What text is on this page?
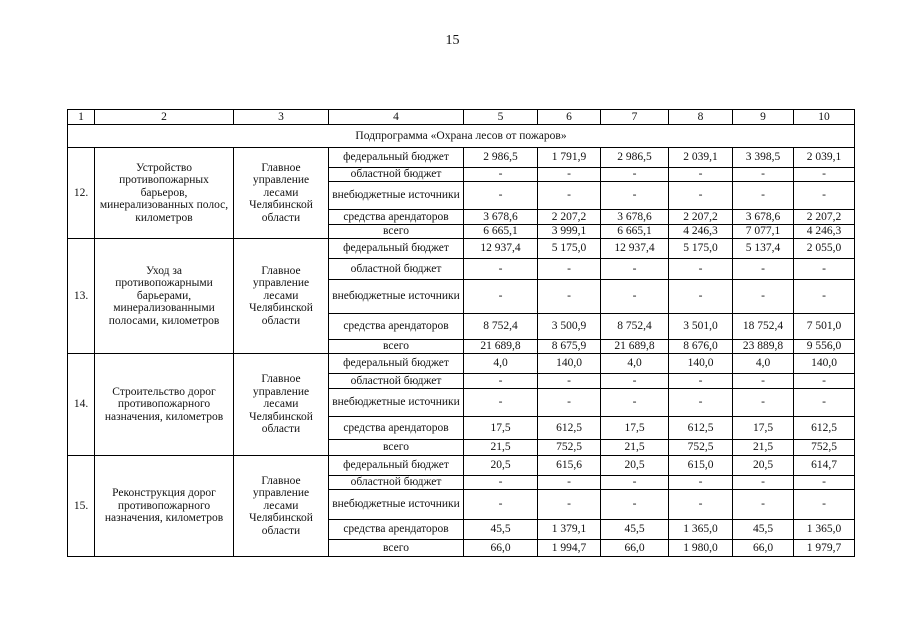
15
1	2	3	4	5	6	7	8	9	10
Подпрограмма «Охрана лесов от пожаров»									
12.	Устройство противопожарных барьеров, минерализованных полос, километров	Главное управление лесами Челябинской области	федеральный бюджет	2 986,5	1 791,9	2 986,5	2 039,1	3 398,5	2 039,1
			областной бюджет	-	-	-	-	-	-
			внебюджетные источники	-	-	-	-	-	-
			средства арендаторов	3 678,6	2 207,2	3 678,6	2 207,2	3 678,6	2 207,2
			всего	6 665,1	3 999,1	6 665,1	4 246,3	7 077,1	4 246,3
13.	Уход за противопожарными барьерами, минерализованными полосами, километров	Главное управление лесами Челябинской области	федеральный бюджет	12 937,4	5 175,0	12 937,4	5 175,0	5 137,4	2 055,0
			областной бюджет	-	-	-	-	-	-
			внебюджетные источники	-	-	-	-	-	-
			средства арендаторов	8 752,4	3 500,9	8 752,4	3 501,0	18 752,4	7 501,0
			всего	21 689,8	8 675,9	21 689,8	8 676,0	23 889,8	9 556,0
14.	Строительство дорог противопожарного назначения, километров	Главное управление лесами Челябинской области	федеральный бюджет	4,0	140,0	4,0	140,0	4,0	140,0
			областной бюджет	-	-	-	-	-	-
			внебюджетные источники	-	-	-	-	-	-
			средства арендаторов	17,5	612,5	17,5	612,5	17,5	612,5
			всего	21,5	752,5	21,5	752,5	21,5	752,5
15.	Реконструкция дорог противопожарного назначения, километров	Главное управление лесами Челябинской области	федеральный бюджет	20,5	615,6	20,5	615,0	20,5	614,7
			областной бюджет	-	-	-	-	-	-
			внебюджетные источники	-	-	-	-	-	-
			средства арендаторов	45,5	1 379,1	45,5	1 365,0	45,5	1 365,0
			всего	66,0	1 994,7	66,0	1 980,0	66,0	1 979,7
